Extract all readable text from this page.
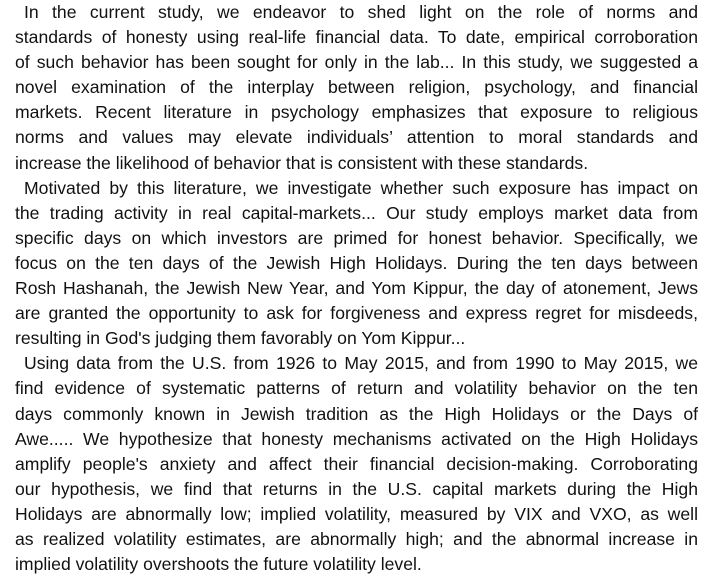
In the current study, we endeavor to shed light on the role of norms and
standards of honesty using real-life financial data. To date, empirical corroboration
of such behavior has been sought for only in the lab... In this study, we suggested a
novel examination of the interplay between religion, psychology, and financial
markets. Recent literature in psychology emphasizes that exposure to religious
norms and values may elevate individuals’ attention to moral standards and
increase the likelihood of behavior that is consistent with these standards.

Motivated by this literature, we investigate whether such exposure has impact on
the trading activity in real capital-markets... Our study employs market data from
specific days on which investors are primed for honest behavior. Specifically, we
focus on the ten days of the Jewish High Holidays. During the ten days between
Rosh Hashanah, the Jewish New Year, and Yom Kippur, the day of atonement, Jews
are granted the opportunity to ask for forgiveness and express regret for misdeeds,
resulting in God's judging them favorably on Yom Kippur...

Using data from the U.S. from 1926 to May 2015, and from 1990 to May 2015, we
find evidence of systematic patterns of return and volatility behavior on the ten
days commonly known in Jewish tradition as the High Holidays or the Days of
Awe..... We hypothesize that honesty mechanisms activated on the High Holidays
amplify people's anxiety and affect their financial decision-making. Corroborating
our hypothesis, we find that returns in the U.S. capital markets during the High
Holidays are abnormally low; implied volatility, measured by VIX and VXO, as well
as realized volatility estimates, are abnormally high; and the abnormal increase in
implied volatility overshoots the future volatility level.
